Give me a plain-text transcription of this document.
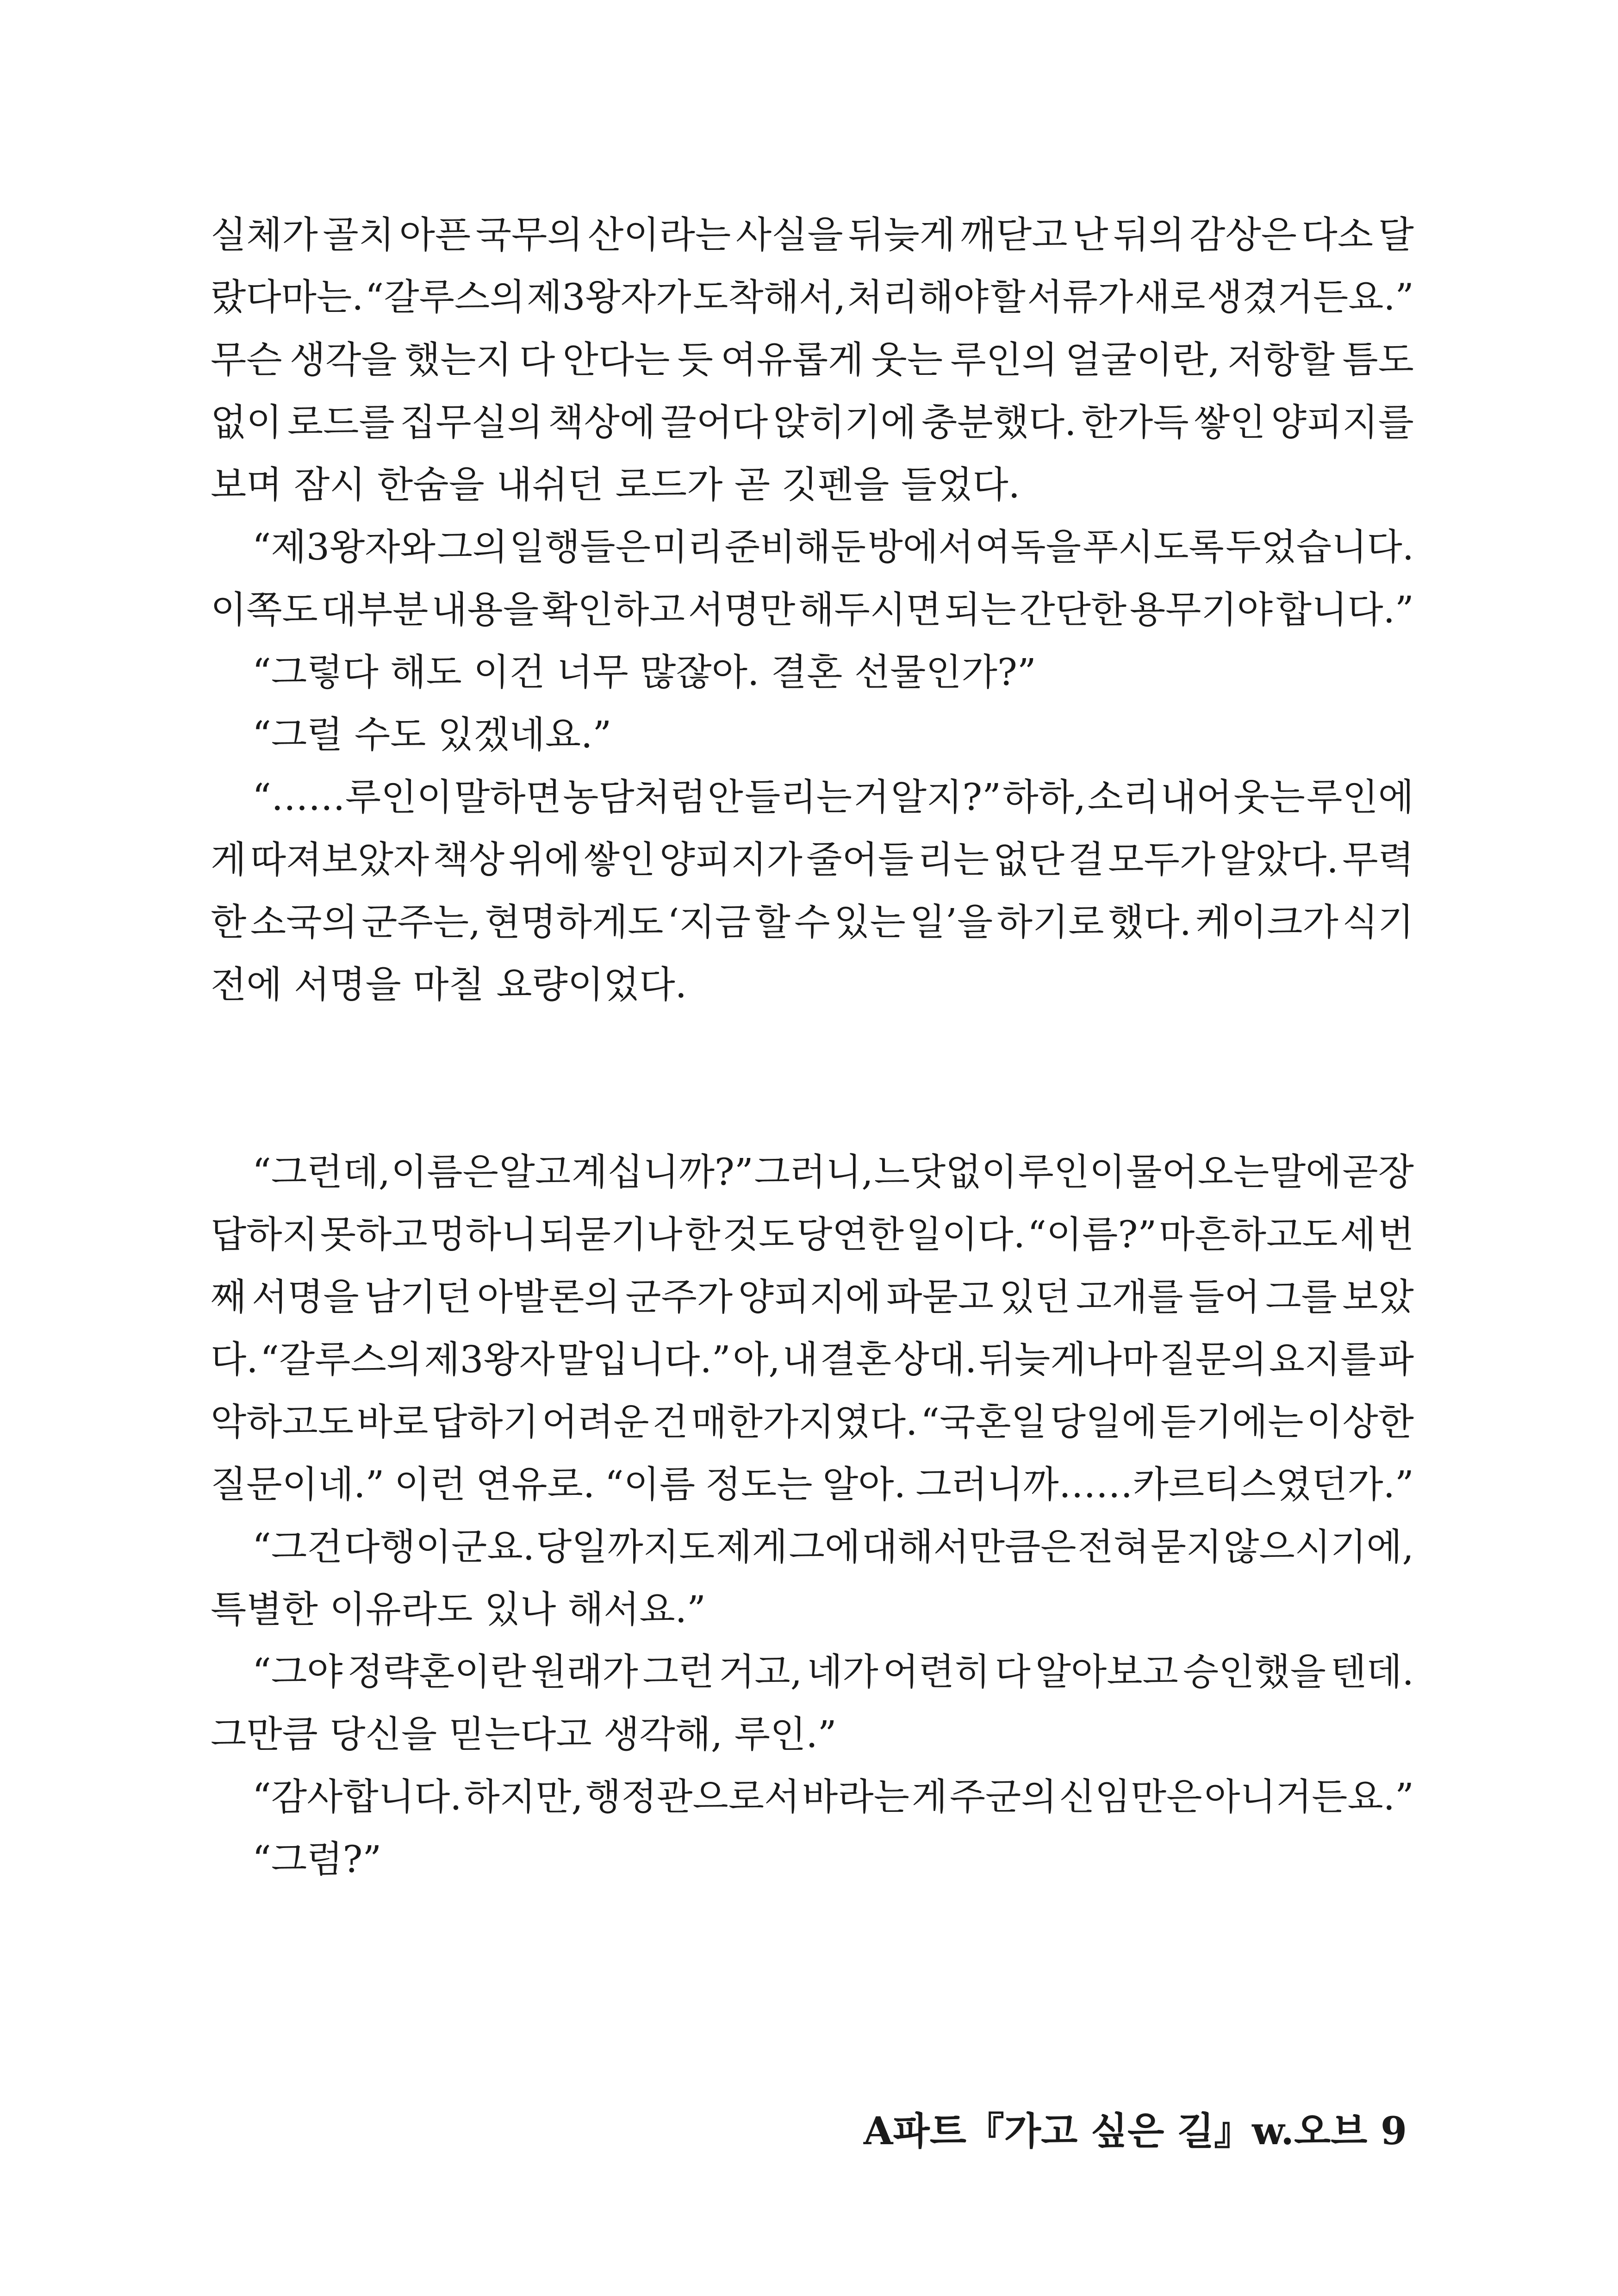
실체가 골치 아픈 국무의 산이라는 사실을 뒤늦게 깨닫고 난 뒤의 감상은 다소 달
랐다마는. “갈루스의 제3왕자가 도착해서, 처리해야 할 서류가 새로 생겼거든요.”
무슨 생각을 했는지 다 안다는 듯 여유롭게 웃는 루인의 얼굴이란, 저항할 틈도
없이 로드를 집무실의 책상에 끌어다 앉히기에 충분했다. 한가득 쌓인 양피지를
보며 잠시 한숨을 내쉬던 로드가 곧 깃펜을 들었다.
“제3왕자와 그의 일행들은 미리 준비해둔 방에서 여독을 푸시도록 두었습니다.
이쪽도 대부분 내용을 확인하고 서명만 해두시면 되는 간단한 용무기야 합니다.”
“그렇다 해도 이건 너무 많잖아. 결혼 선물인가?”
“그럴 수도 있겠네요.”
“……루인이 말하면 농담처럼 안 들리는 거 알지?” 하하, 소리 내어 웃는 루인에
게 따져보았자 책상 위에 쌓인 양피지가 줄어들 리는 없단 걸 모두가 알았다. 무력
한 소국의 군주는, 현명하게도 ‘지금 할 수 있는 일’을 하기로 했다. 케이크가 식기
전에 서명을 마칠 요량이었다.
“그런데, 이름은 알고 계십니까?” 그러니, 느닷없이 루인이 물어오는 말에 곧장
답하지 못하고 멍하니 되묻기나 한 것도 당연한 일이다. “이름?” 마흔하고도 세 번
째 서명을 남기던 아발론의 군주가 양피지에 파묻고 있던 고개를 들어 그를 보았
다. “갈루스의 제3왕자 말입니다.” 아, 내 결혼 상대. 뒤늦게나마 질문의 요지를 파
악하고도 바로 답하기 어려운 건 매한가지였다. “국혼일 당일에 듣기에는 이상한
질문이네.” 이런 연유로. “이름 정도는 알아. 그러니까……카르티스였던가.”
“그건 다행이군요. 당일까지도 제게 그에 대해서만큼은 전혀 묻지 않으시기에,
특별한 이유라도 있나 해서요.”
“그야 정략혼이란 원래가 그런 거고, 네가 어련히 다 알아보고 승인했을 텐데.
그만큼 당신을 믿는다고 생각해, 루인.”
“감사합니다. 하지만, 행정관으로서 바라는 게 주군의 신임만은 아니거든요.”
“그럼?”
A파트『가고 싶은 길』w.오브 9
